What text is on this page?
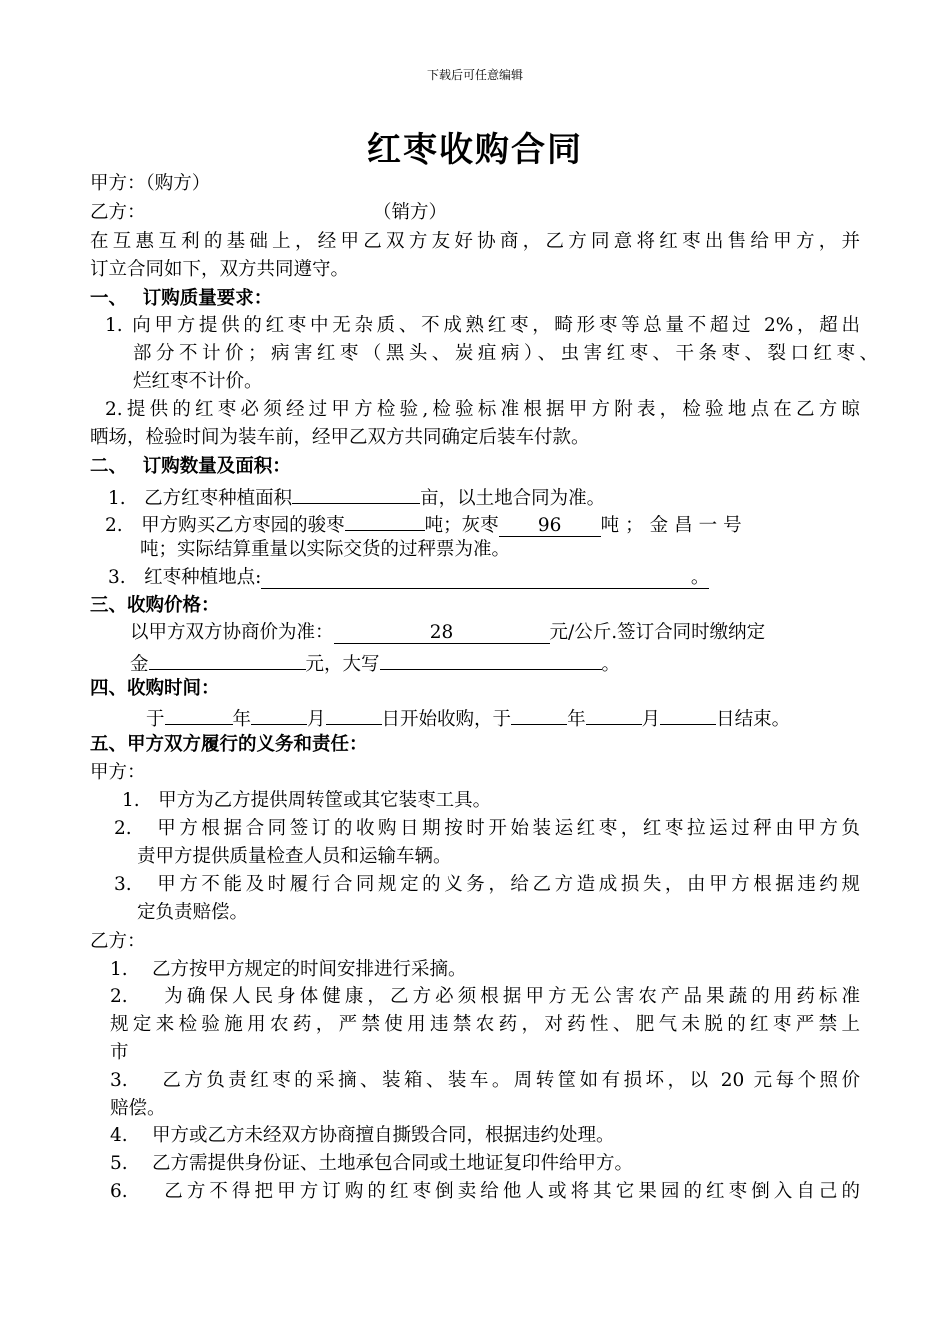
下载后可任意编辑
红枣收购合同
甲方：（购方）
乙方：	（销方）
在互惠互利的基础上，经甲乙双方友好协商，乙方同意将红枣出售给甲方，并
订立合同如下，双方共同遵守。
一、　 订购质量要求：
1. 向甲方提供的红枣中无杂质、不成熟红枣，畸形枣等总量不超过 2%，超出
部分不计价；病害红枣（黑头、炭疽病）、虫害红枣、干条枣、裂口红枣、
烂红枣不计价。
2.提供的红枣必须经过甲方检验,检验标准根据甲方附表，检验地点在乙方晾
晒场，检验时间为装车前，经甲乙双方共同确定后装车付款。
二、　 订购数量及面积：
1.　乙方红枣种植面积	亩，以土地合同为准。
2.　甲方购买乙方枣园的骏枣	吨；灰枣 96 吨；金昌一号
吨；实际结算重量以实际交货的过秤票为准。
3.　红枣种植地点:	。
三、收购价格：
以甲方双方协商价为准：	28	元/公斤.签订合同时缴纳定
金	元，大写	。
四、收购时间：
于	年	月	日开始收购，于	年	月	日结束。
五、甲方双方履行的义务和责任：
甲方：
1.　甲方为乙方提供周转筐或其它装枣工具。
2.　甲方根据合同签订的收购日期按时开始装运红枣，红枣拉运过秤由甲方负
责甲方提供质量检查人员和运输车辆。
3.　甲方不能及时履行合同规定的义务，给乙方造成损失，由甲方根据违约规
定负责赔偿。
乙方：
1.　 乙方按甲方规定的时间安排进行采摘。
2.　 为确保人民身体健康，乙方必须根据甲方无公害农产品果蔬的用药标准
规定来检验施用农药，严禁使用违禁农药，对药性、肥气未脱的红枣严禁上
市
3.　 乙方负责红枣的采摘、装箱、装车。周转筐如有损坏，以 20 元每个照价
赔偿。
4.　 甲方或乙方未经双方协商擅自撕毁合同，根据违约处理。
5.　 乙方需提供身份证、土地承包合同或土地证复印件给甲方。
6.　 乙方不得把甲方订购的红枣倒卖给他人或将其它果园的红枣倒入自己的
